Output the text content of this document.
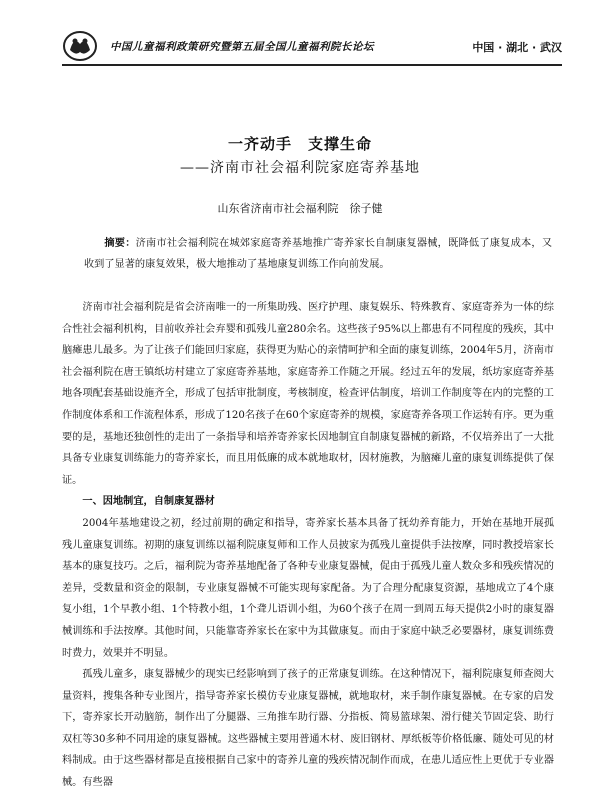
中国儿童福利政策研究暨第五届全国儿童福利院长论坛	中国 · 湖北 · 武汉
一齐动手　支撑生命
——济南市社会福利院家庭寄养基地
山东省济南市社会福利院　徐子健
摘要：济南市社会福利院在城郊家庭寄养基地推广寄养家长自制康复器械，既降低了康复成本，又收到了显著的康复效果，极大地推动了基地康复训练工作向前发展。

济南市社会福利院是省会济南唯一的一所集助残、医疗护理、康复娱乐、特殊教育、家庭寄养为一体的综合性社会福利机构，目前收养社会弃婴和孤残儿童280余名。这些孩子95%以上都患有不同程度的残疾，其中脑瘫患儿最多。为了让孩子们能回归家庭，获得更为贴心的亲情呵护和全面的康复训练，2004年5月，济南市社会福利院在唐王镇纸坊村建立了家庭寄养基地，家庭寄养工作随之开展。经过五年的发展，纸坊家庭寄养基地各项配套基础设施齐全，形成了包括审批制度，考核制度，检查评估制度，培训工作制度等在内的完整的工作制度体系和工作流程体系，形成了120名孩子在60个家庭寄养的规模，家庭寄养各项工作运转有序。更为重要的是，基地还独创性的走出了一条指导和培养寄养家长因地制宜自制康复器械的新路，不仅培养出了一大批具备专业康复训练能力的寄养家长，而且用低廉的成本就地取材，因材施教，为脑瘫儿童的康复训练提供了保证。

一、因地制宜，自制康复器材

2004年基地建设之初，经过前期的确定和指导，寄养家长基本具备了抚幼养育能力，开始在基地开展孤残儿童康复训练。初期的康复训练以福利院康复师和工作人员披家为孤残儿童提供手法按摩，同时教授培家长基本的康复技巧。之后，福利院为寄养基地配备了各种专业康复器械，促由于孤残儿童人数众多和残疾情况的差异，受数量和资金的限制，专业康复器械不可能实现每家配备。为了合理分配康复资源，基地成立了4个康复小组，1个早教小组、1个特教小组，1个聋儿语训小组，为60个孩子在周一到周五每天提供2小时的康复器械训练和手法按摩。其他时间，只能靠寄养家长在家中为其做康复。而由于家庭中缺乏必要器材，康复训练费时费力，效果并不明显。

孤残儿童多，康复器械少的现实已经影响到了孩子的正常康复训练。在这种情况下，福利院康复师查阅大量资料，搜集各种专业图片，指导寄养家长模仿专业康复器械，就地取材，来手制作康复器械。在专家的启发下，寄养家长开动脑筋，制作出了分腿器、三角推车助行器、分指板、简易篮球架、滑行健关节固定袋、助行双杠等30多种不同用途的康复器械。这些器械主要用普通木材、废旧钢材、厚纸板等价格低廉、随处可见的材料制成。由于这些器材都是直接根据自己家中的寄养儿童的残疾情况制作而成，在患儿适应性上更优于专业器械。有些器
